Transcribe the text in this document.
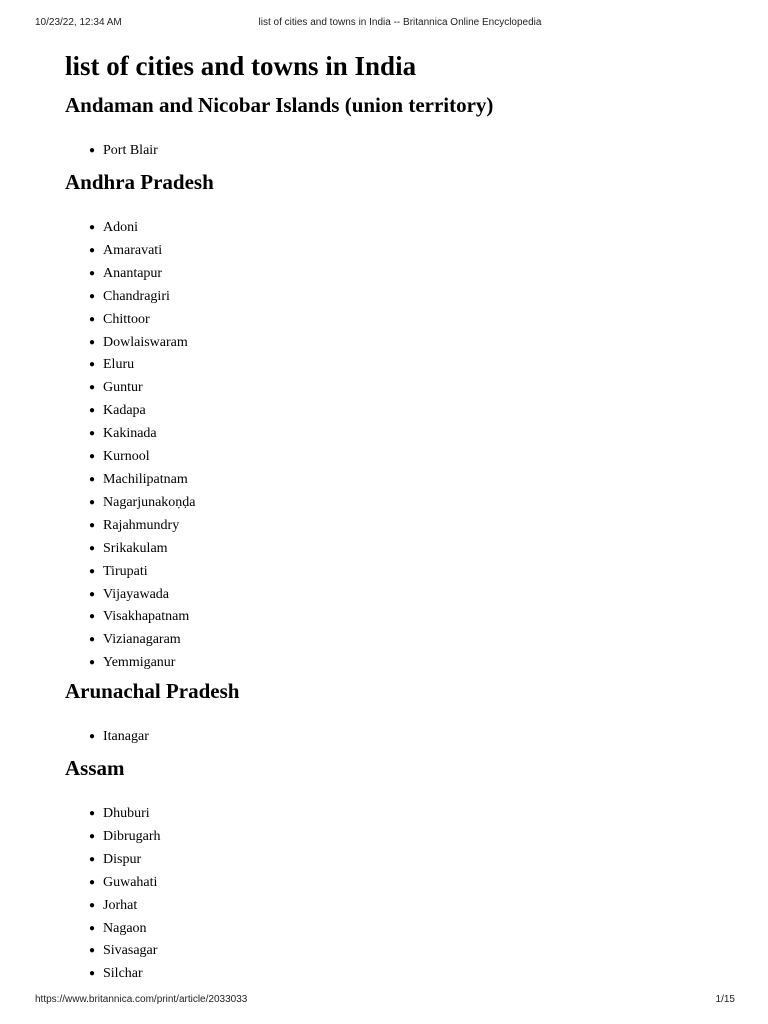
10/23/22, 12:34 AM	list of cities and towns in India -- Britannica Online Encyclopedia
list of cities and towns in India
Andaman and Nicobar Islands (union territory)
● Port Blair
Andhra Pradesh
● Adoni
● Amaravati
● Anantapur
● Chandragiri
● Chittoor
● Dowlaiswaram
● Eluru
● Guntur
● Kadapa
● Kakinada
● Kurnool
● Machilipatnam
● Nagarjunakoṇḍa
● Rajahmundry
● Srikakulam
● Tirupati
● Vijayawada
● Visakhapatnam
● Vizianagaram
● Yemmiganur
Arunachal Pradesh
● Itanagar
Assam
● Dhuburi
● Dibrugarh
● Dispur
● Guwahati
● Jorhat
● Nagaon
● Sivasagar
● Silchar
https://www.britannica.com/print/article/2033033	1/15
